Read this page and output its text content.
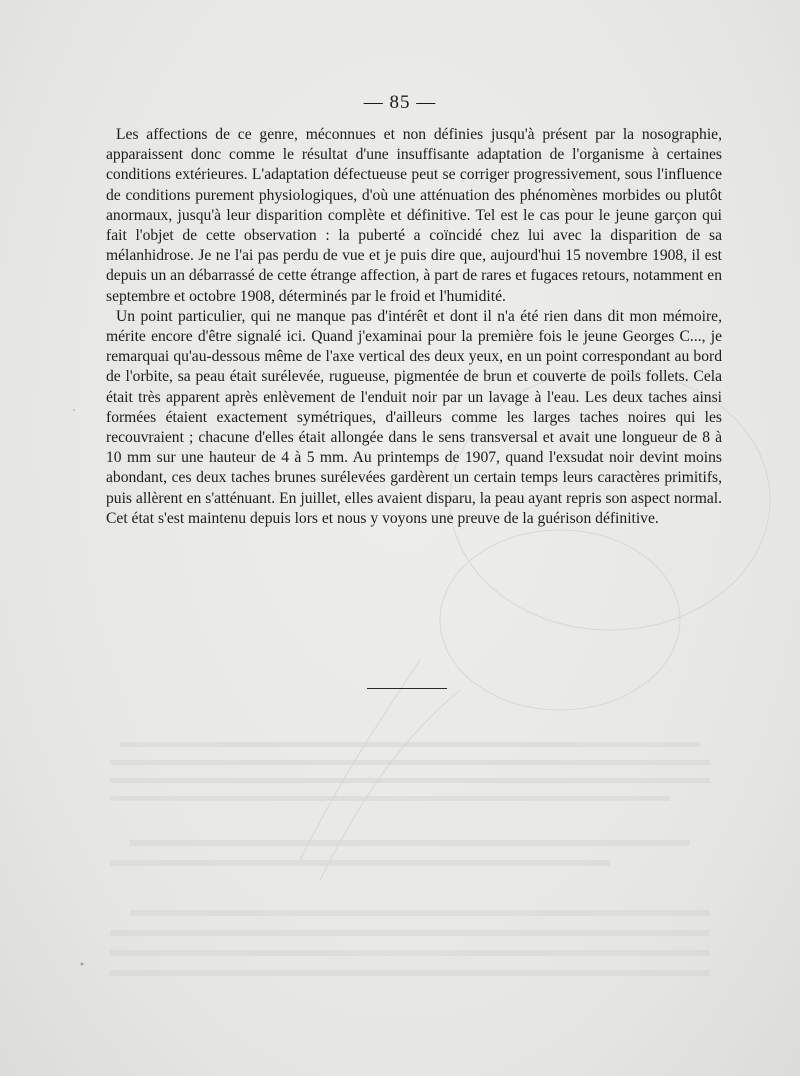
— 85 —

Les affections de ce genre, méconnues et non définies jusqu'à présent par la nosographie, apparaissent donc comme le résultat d'une insuffisante adaptation de l'organisme à certaines conditions extérieures. L'adaptation défectueuse peut se corriger progressivement, sous l'influence de conditions purement physiologiques, d'où une atténuation des phénomènes morbides ou plutôt anormaux, jusqu'à leur disparition complète et définitive. Tel est le cas pour le jeune garçon qui fait l'objet de cette observation : la puberté a coïncidé chez lui avec la disparition de sa mélanhidrose. Je ne l'ai pas perdu de vue et je puis dire que, aujourd'hui 15 novembre 1908, il est depuis un an débarrassé de cette étrange affection, à part de rares et fugaces retours, notamment en septembre et octobre 1908, déterminés par le froid et l'humidité.

Un point particulier, qui ne manque pas d'intérêt et dont il n'a été rien dans dit mon mémoire, mérite encore d'être signalé ici. Quand j'examinai pour la première fois le jeune Georges C..., je remarquai qu'au-dessous même de l'axe vertical des deux yeux, en un point correspondant au bord de l'orbite, sa peau était surélevée, rugueuse, pigmentée de brun et couverte de poils follets. Cela était très apparent après enlèvement de l'enduit noir par un lavage à l'eau. Les deux taches ainsi formées étaient exactement symétriques, d'ailleurs comme les larges taches noires qui les recouvraient ; chacune d'elles était allongée dans le sens transversal et avait une longueur de 8 à 10 mm sur une hauteur de 4 à 5 mm. Au printemps de 1907, quand l'exsudat noir devint moins abondant, ces deux taches brunes surélevées gardèrent un certain temps leurs caractères primitifs, puis allèrent en s'atténuant. En juillet, elles avaient disparu, la peau ayant repris son aspect normal. Cet état s'est maintenu depuis lors et nous y voyons une preuve de la guérison définitive.
